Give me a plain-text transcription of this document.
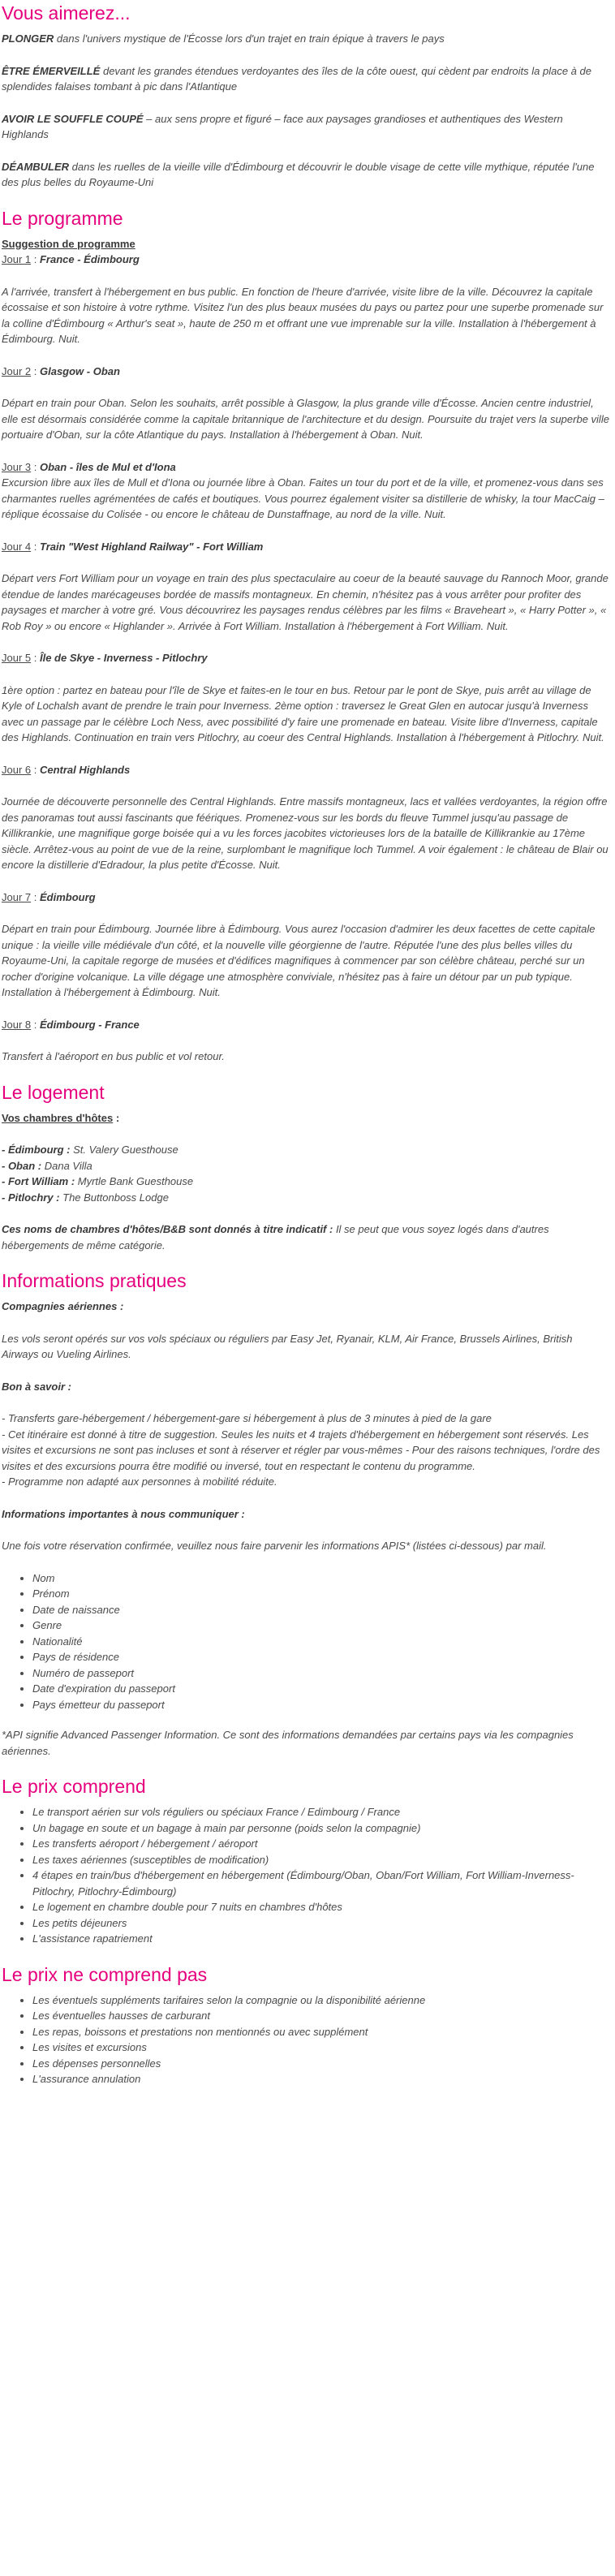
Vous aimerez...

PLONGER dans l'univers mystique de l'Écosse lors d'un trajet en train épique à travers le pays

ÊTRE ÉMERVEILLÉ devant les grandes étendues verdoyantes des îles de la côte ouest, qui cèdent par endroits la place à de splendides falaises tombant à pic dans l'Atlantique

AVOIR LE SOUFFLE COUPÉ – aux sens propre et figuré – face aux paysages grandioses et authentiques des Western Highlands

DÉAMBULER dans les ruelles de la vieille ville d'Édimbourg et découvrir le double visage de cette ville mythique, réputée l'une des plus belles du Royaume-Uni

Le programme
Suggestion de programme
Jour 1 : France - Édimbourg

A l'arrivée, transfert à l'hébergement en bus public. En fonction de l'heure d'arrivée, visite libre de la ville. Découvrez la capitale écossaise et son histoire à votre rythme. Visitez l'un des plus beaux musées du pays ou partez pour une superbe promenade sur la colline d'Édimbourg « Arthur's seat », haute de 250 m et offrant une vue imprenable sur la ville. Installation à l'hébergement à Édimbourg. Nuit.

Jour 2 : Glasgow - Oban

Départ en train pour Oban. Selon les souhaits, arrêt possible à Glasgow, la plus grande ville d'Écosse. Ancien centre industriel, elle est désormais considérée comme la capitale britannique de l'architecture et du design. Poursuite du trajet vers la superbe ville portuaire d'Oban, sur la côte Atlantique du pays. Installation à l'hébergement à Oban. Nuit.

Jour 3 : Oban - îles de Mul et d'Iona

Excursion libre aux îles de Mull et d'Iona ou journée libre à Oban. Faites un tour du port et de la ville, et promenez-vous dans ses charmantes ruelles agrémentées de cafés et boutiques. Vous pourrez également visiter sa distillerie de whisky, la tour MacCaig – réplique écossaise du Colisée - ou encore le château de Dunstaffnage, au nord de la ville. Nuit.

Jour 4 : Train "West Highland Railway" - Fort William

Départ vers Fort William pour un voyage en train des plus spectaculaire au coeur de la beauté sauvage du Rannoch Moor, grande étendue de landes marécageuses bordée de massifs montagneux. En chemin, n'hésitez pas à vous arrêter pour profiter des paysages et marcher à votre gré. Vous découvrirez les paysages rendus célèbres par les films « Braveheart », « Harry Potter », « Rob Roy » ou encore « Highlander ». Arrivée à Fort William. Installation à l'hébergement à Fort William. Nuit.

Jour 5 : Île de Skye - Inverness - Pitlochry

1ère option : partez en bateau pour l'île de Skye et faites-en le tour en bus. Retour par le pont de Skye, puis arrêt au village de Kyle of Lochalsh avant de prendre le train pour Inverness. 2ème option : traversez le Great Glen en autocar jusqu'à Inverness avec un passage par le célèbre Loch Ness, avec possibilité d'y faire une promenade en bateau. Visite libre d'Inverness, capitale des Highlands. Continuation en train vers Pitlochry, au coeur des Central Highlands. Installation à l'hébergement à Pitlochry. Nuit.

Jour 6 : Central Highlands

Journée de découverte personnelle des Central Highlands. Entre massifs montagneux, lacs et vallées verdoyantes, la région offre des panoramas tout aussi fascinants que féériques. Promenez-vous sur les bords du fleuve Tummel jusqu'au passage de Killikrankie, une magnifique gorge boisée qui a vu les forces jacobites victorieuses lors de la bataille de Killikrankie au 17ème siècle. Arrêtez-vous au point de vue de la reine, surplombant le magnifique loch Tummel. A voir également : le château de Blair ou encore la distillerie d'Edradour, la plus petite d'Écosse. Nuit.

Jour 7 : Édimbourg

Départ en train pour Édimbourg. Journée libre à Édimbourg. Vous aurez l'occasion d'admirer les deux facettes de cette capitale unique : la vieille ville médiévale d'un côté, et la nouvelle ville géorgienne de l'autre. Réputée l'une des plus belles villes du Royaume-Uni, la capitale regorge de musées et d'édifices magnifiques à commencer par son célèbre château, perché sur un rocher d'origine volcanique. La ville dégage une atmosphère conviviale, n'hésitez pas à faire un détour par un pub typique. Installation à l'hébergement à Édimbourg. Nuit.

Jour 8 : Édimbourg - France

Transfert à l'aéroport en bus public et vol retour.

Le logement

Vos chambres d'hôtes :

- Édimbourg : St. Valery Guesthouse
- Oban : Dana Villa
- Fort William : Myrtle Bank Guesthouse
- Pitlochry : The Buttonboss Lodge

Ces noms de chambres d'hôtes/B&B sont donnés à titre indicatif : Il se peut que vous soyez logés dans d'autres hébergements de même catégorie.

Informations pratiques

Compagnies aériennes :

Les vols seront opérés sur vos vols spéciaux ou réguliers par Easy Jet, Ryanair, KLM, Air France, Brussels Airlines, British Airways ou Vueling Airlines.

Bon à savoir :

- Transferts gare-hébergement / hébergement-gare si hébergement à plus de 3 minutes à pied de la gare
- Cet itinéraire est donné à titre de suggestion. Seules les nuits et 4 trajets d'hébergement en hébergement sont réservés. Les visites et excursions ne sont pas incluses et sont à réserver et régler par vous-mêmes - Pour des raisons techniques, l'ordre des visites et des excursions pourra être modifié ou inversé, tout en respectant le contenu du programme.
- Programme non adapté aux personnes à mobilité réduite.

Informations importantes à nous communiquer :

Une fois votre réservation confirmée, veuillez nous faire parvenir les informations APIS* (listées ci-dessous) par mail.

• Nom
• Prénom
• Date de naissance
• Genre
• Nationalité
• Pays de résidence
• Numéro de passeport
• Date d'expiration du passeport
• Pays émetteur du passeport

*API signifie Advanced Passenger Information. Ce sont des informations demandées par certains pays via les compagnies aériennes.

Le prix comprend
• Le transport aérien sur vols réguliers ou spéciaux France / Edimbourg / France
• Un bagage en soute et un bagage à main par personne (poids selon la compagnie)
• Les transferts aéroport / hébergement / aéroport
• Les taxes aériennes (susceptibles de modification)
• 4 étapes en train/bus d'hébergement en hébergement (Édimbourg/Oban, Oban/Fort William, Fort William-Inverness-Pitlochry, Pitlochry-Édimbourg)
• Le logement en chambre double pour 7 nuits en chambres d'hôtes
• Les petits déjeuners
• L'assistance rapatriement
Le prix ne comprend pas
• Les éventuels suppléments tarifaires selon la compagnie ou la disponibilité aérienne
• Les éventuelles hausses de carburant
• Les repas, boissons et prestations non mentionnés ou avec supplément
• Les visites et excursions
• Les dépenses personnelles
• L'assurance annulation
